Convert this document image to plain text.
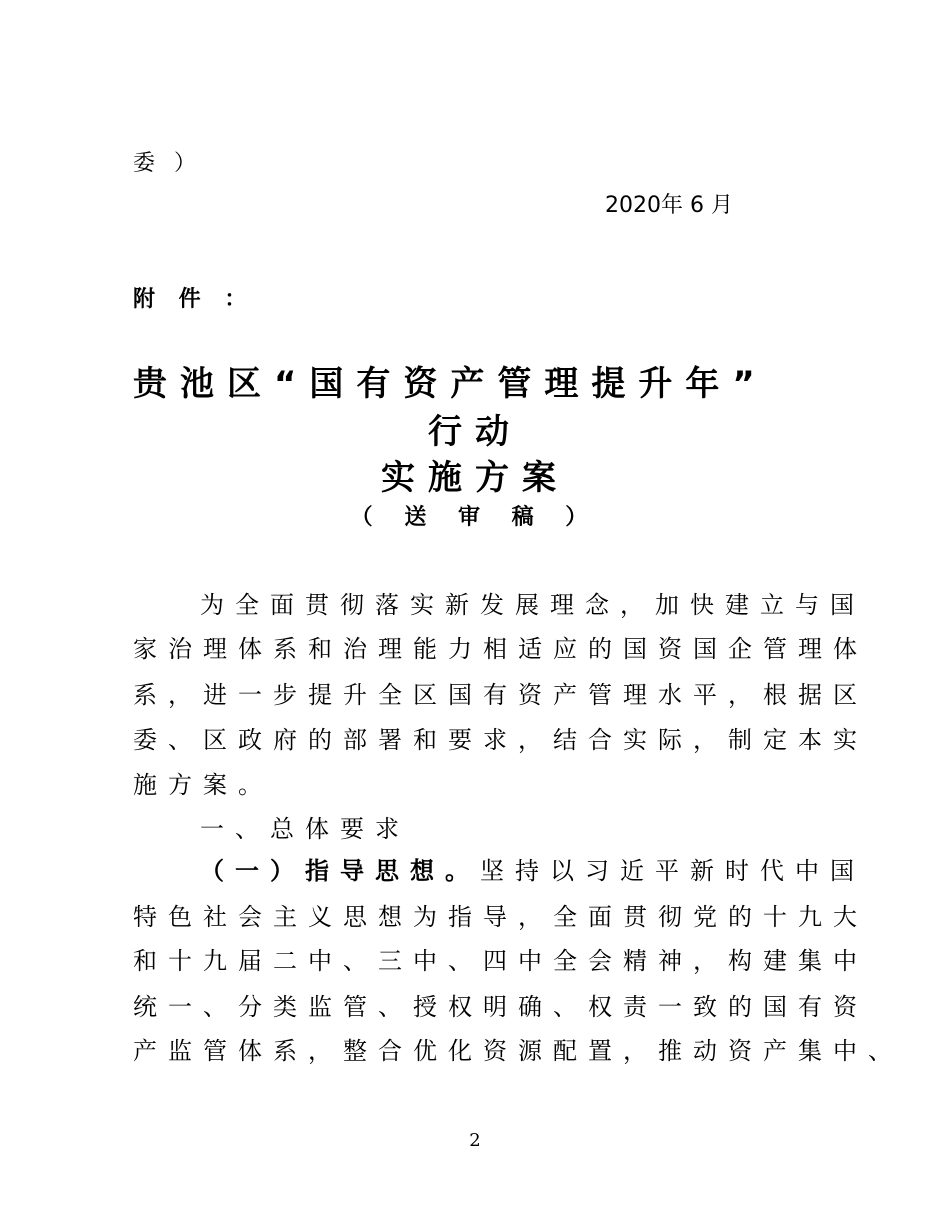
委 ）
2020年 6 月
附 件 ：
贵池区“国有资产管理提升年”
行动
实施方案
（ 送 审 稿 ）
为全面贯彻落实新发展理念，加快建立与国
家治理体系和治理能力相适应的国资国企管理体
系，进一步提升全区国有资产管理水平，根据区
委、区政府的部署和要求，结合实际，制定本实
施方案。
一、总体要求
（一）指导思想。坚持以习近平新时代中国
特色社会主义思想为指导，全面贯彻党的十九大
和十九届二中、三中、四中全会精神，构建集中
统一、分类监管、授权明确、权责一致的国有资
产监管体系，整合优化资源配置，推动资产集中、
2
